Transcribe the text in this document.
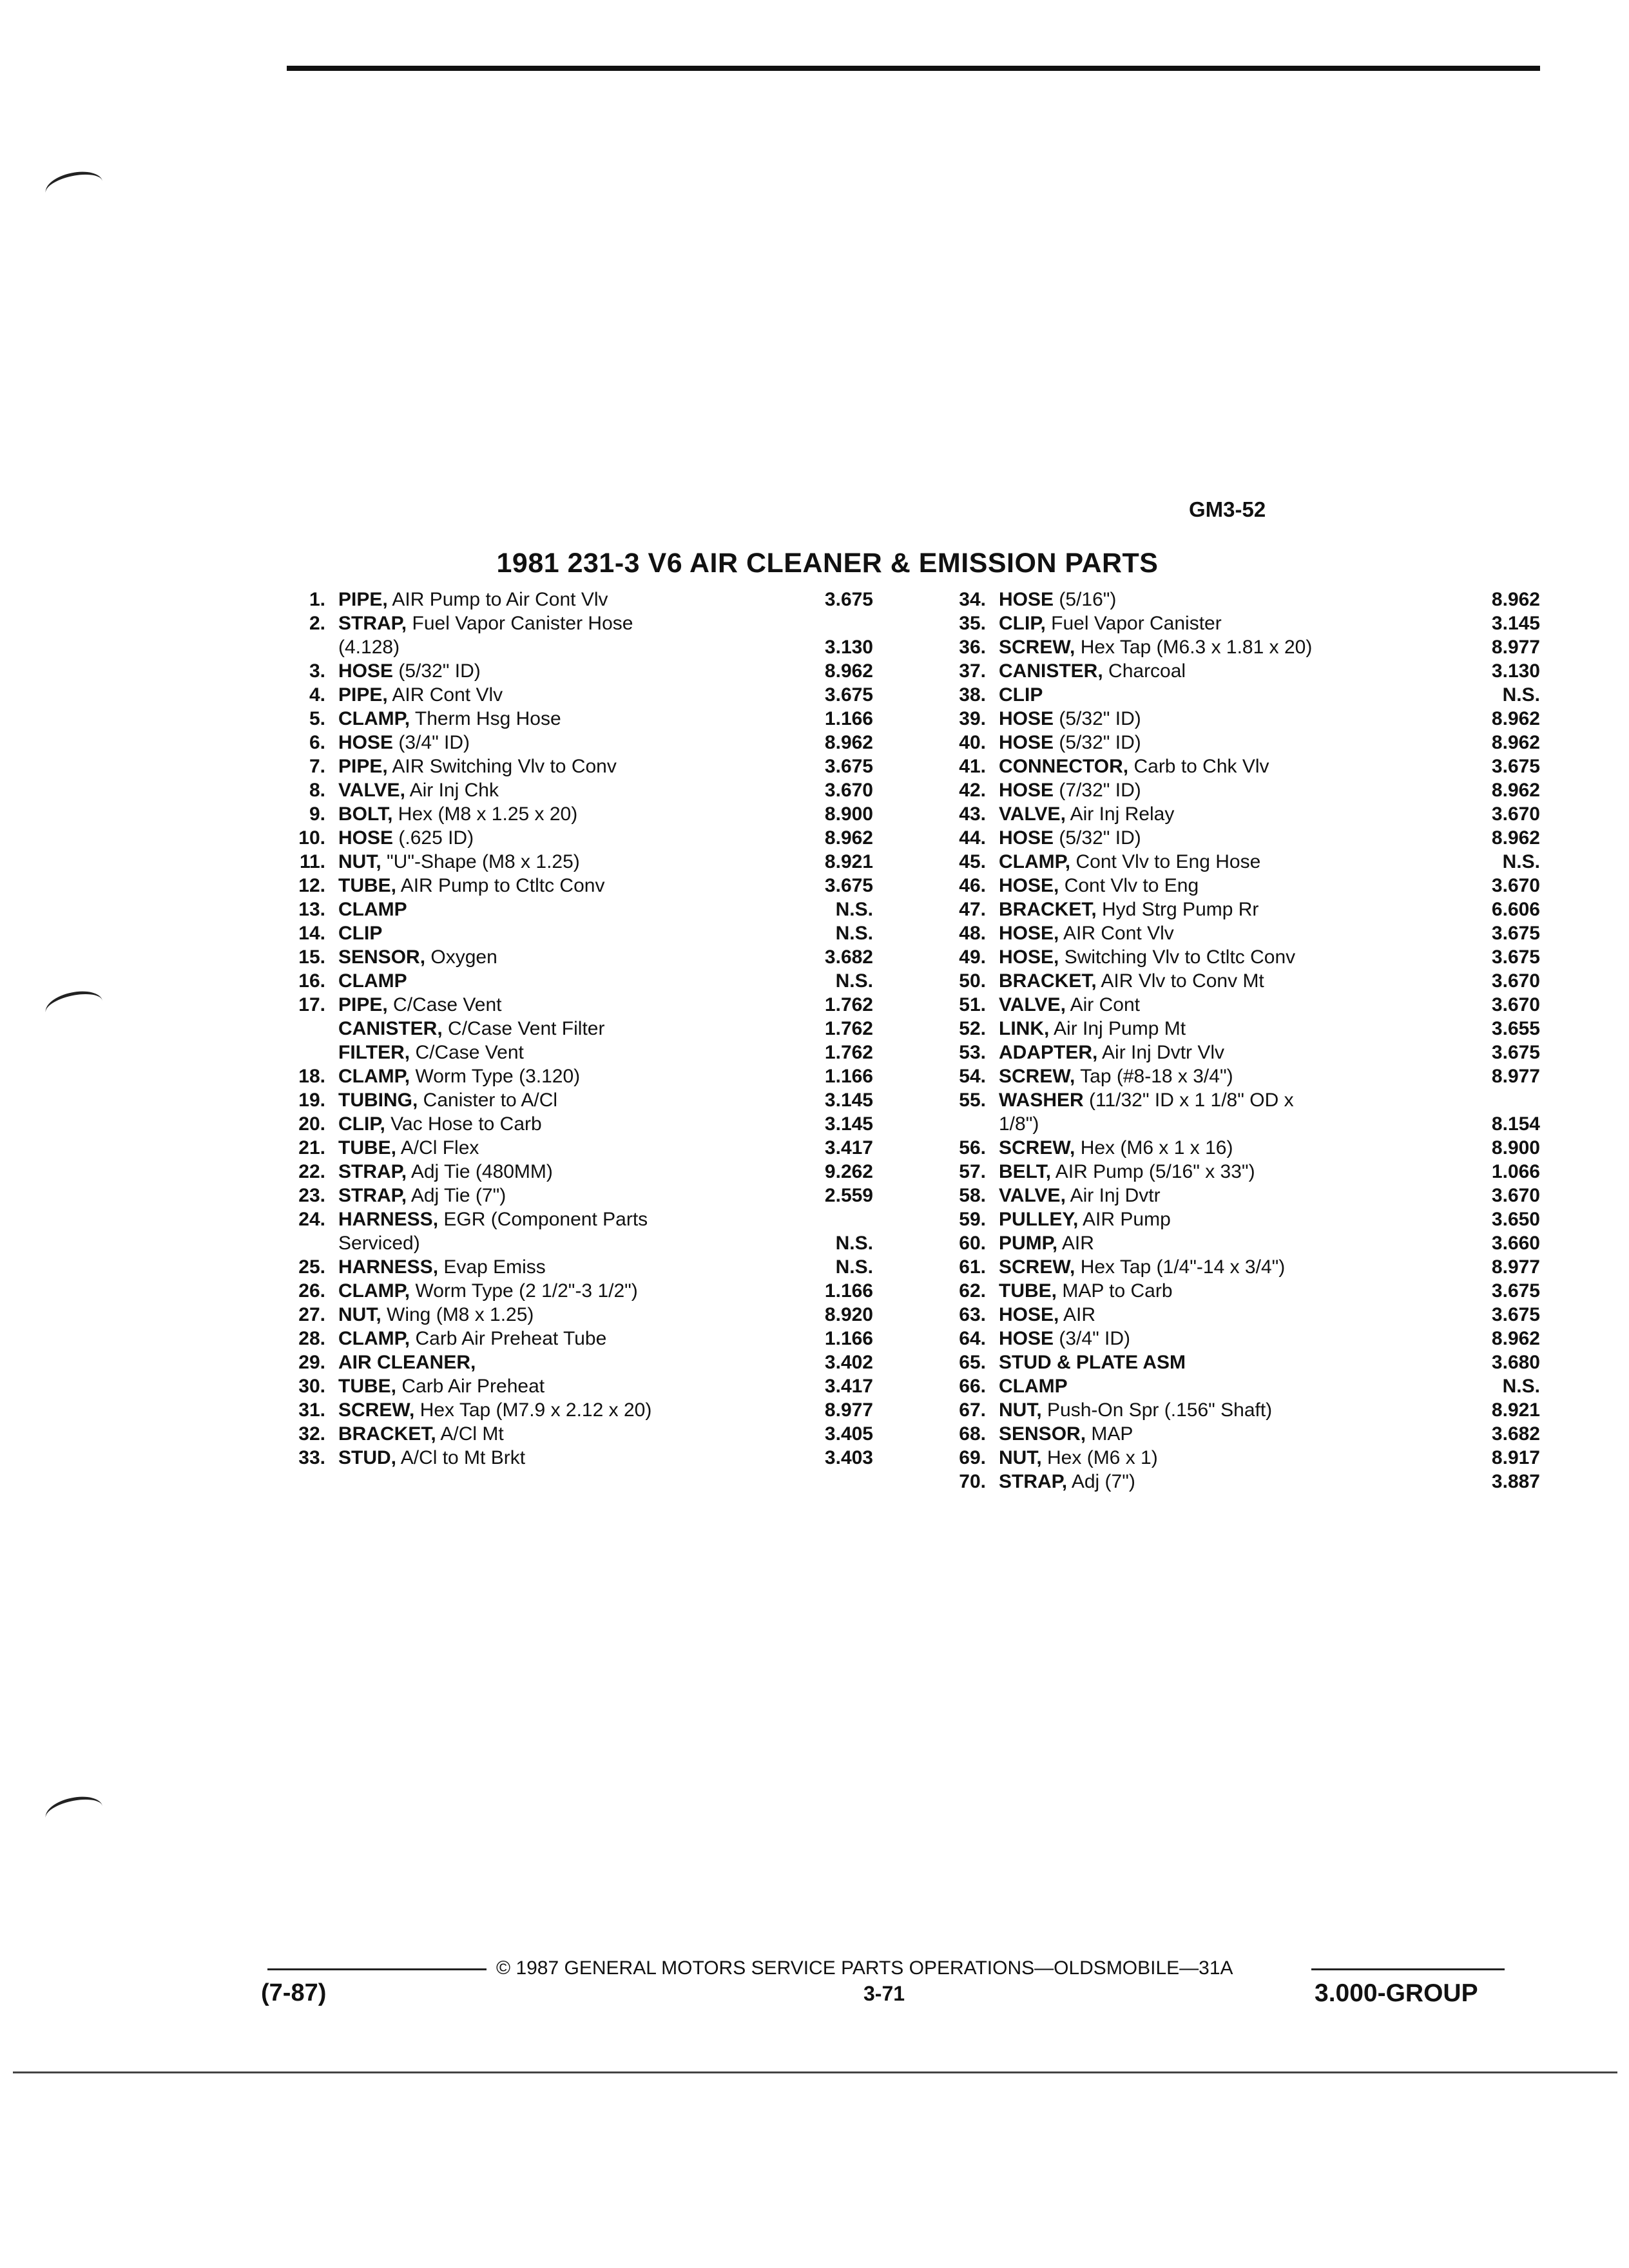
GM3-52
1981 231-3 V6 AIR CLEANER & EMISSION PARTS
1. PIPE, AIR Pump to Air Cont Vlv	3.675
2. STRAP, Fuel Vapor Canister Hose
(4.128)	3.130
3. HOSE (5/32" ID)	8.962
4. PIPE, AIR Cont Vlv	3.675
5. CLAMP, Therm Hsg Hose	1.166
6. HOSE (3/4" ID)	8.962
7. PIPE, AIR Switching Vlv to Conv	3.675
8. VALVE, Air Inj Chk	3.670
9. BOLT, Hex (M8 x 1.25 x 20)	8.900
10. HOSE (.625 ID)	8.962
11. NUT, "U"-Shape (M8 x 1.25)	8.921
12. TUBE, AIR Pump to Ctltc Conv	3.675
13. CLAMP	N.S.
14. CLIP	N.S.
15. SENSOR, Oxygen	3.682
16. CLAMP	N.S.
17. PIPE, C/Case Vent	1.762
CANISTER, C/Case Vent Filter	1.762
FILTER, C/Case Vent	1.762
18. CLAMP, Worm Type (3.120)	1.166
19. TUBING, Canister to A/Cl	3.145
20. CLIP, Vac Hose to Carb	3.145
21. TUBE, A/Cl Flex	3.417
22. STRAP, Adj Tie (480MM)	9.262
23. STRAP, Adj Tie (7")	2.559
24. HARNESS, EGR (Component Parts
Serviced)	N.S.
25. HARNESS, Evap Emiss	N.S.
26. CLAMP, Worm Type (2 1/2"-3 1/2")	1.166
27. NUT, Wing (M8 x 1.25)	8.920
28. CLAMP, Carb Air Preheat Tube	1.166
29. AIR CLEANER,	3.402
30. TUBE, Carb Air Preheat	3.417
31. SCREW, Hex Tap (M7.9 x 2.12 x 20)	8.977
32. BRACKET, A/Cl Mt	3.405
33. STUD, A/Cl to Mt Brkt	3.403
34. HOSE (5/16")	8.962
35. CLIP, Fuel Vapor Canister	3.145
36. SCREW, Hex Tap (M6.3 x 1.81 x 20)	8.977
37. CANISTER, Charcoal	3.130
38. CLIP	N.S.
39. HOSE (5/32" ID)	8.962
40. HOSE (5/32" ID)	8.962
41. CONNECTOR, Carb to Chk Vlv	3.675
42. HOSE (7/32" ID)	8.962
43. VALVE, Air Inj Relay	3.670
44. HOSE (5/32" ID)	8.962
45. CLAMP, Cont Vlv to Eng Hose	N.S.
46. HOSE, Cont Vlv to Eng	3.670
47. BRACKET, Hyd Strg Pump Rr	6.606
48. HOSE, AIR Cont Vlv	3.675
49. HOSE, Switching Vlv to Ctltc Conv	3.675
50. BRACKET, AIR Vlv to Conv Mt	3.670
51. VALVE, Air Cont	3.670
52. LINK, Air Inj Pump Mt	3.655
53. ADAPTER, Air Inj Dvtr Vlv	3.675
54. SCREW, Tap (#8-18 x 3/4")	8.977
55. WASHER (11/32" ID x 1 1/8" OD x
1/8")	8.154
56. SCREW, Hex (M6 x 1 x 16)	8.900
57. BELT, AIR Pump (5/16" x 33")	1.066
58. VALVE, Air Inj Dvtr	3.670
59. PULLEY, AIR Pump	3.650
60. PUMP, AIR	3.660
61. SCREW, Hex Tap (1/4"-14 x 3/4")	8.977
62. TUBE, MAP to Carb	3.675
63. HOSE, AIR	3.675
64. HOSE (3/4" ID)	8.962
65. STUD & PLATE ASM	3.680
66. CLAMP	N.S.
67. NUT, Push-On Spr (.156" Shaft)	8.921
68. SENSOR, MAP	3.682
69. NUT, Hex (M6 x 1)	8.917
70. STRAP, Adj (7")	3.887
© 1987 GENERAL MOTORS SERVICE PARTS OPERATIONS—OLDSMOBILE—31A
(7-87)	3-71	3.000-GROUP
